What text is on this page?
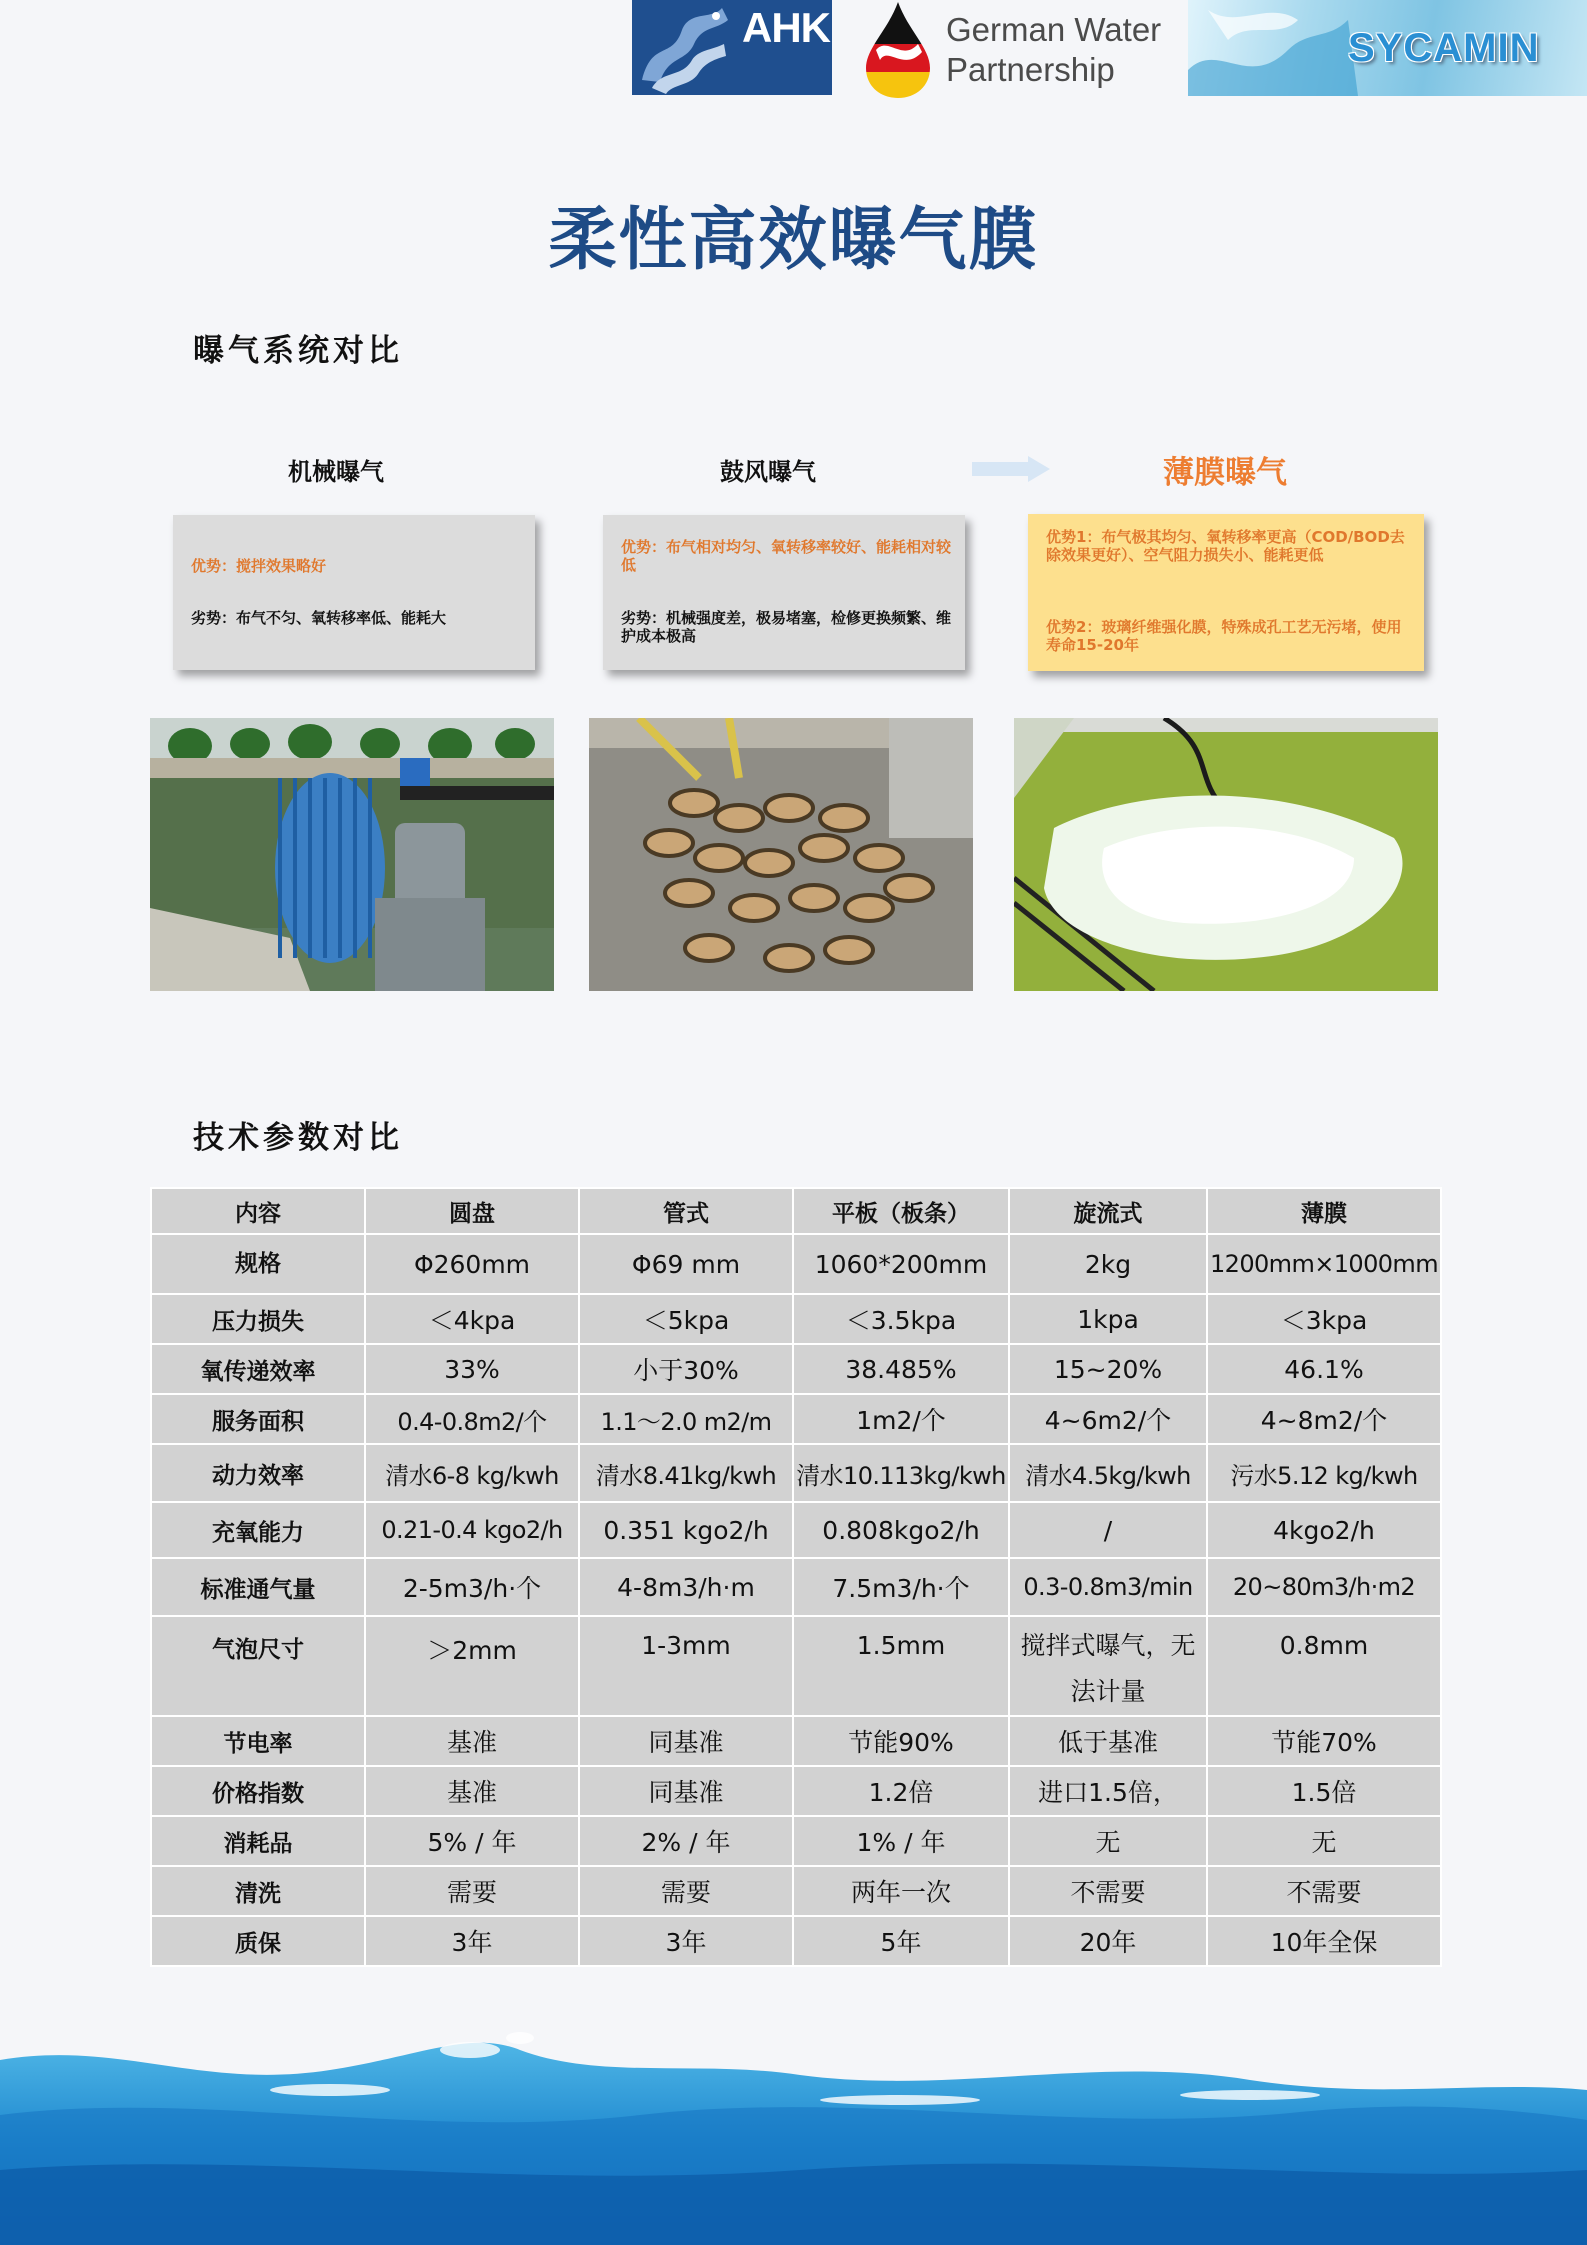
AHK	German Water
Partnership	SYCAMIN
柔性高效曝气膜
曝气系统对比
机械曝气	鼓风曝气	薄膜曝气
优势：搅拌效果略好
劣势：布气不匀、氧转移率低、能耗大
优势：布气相对均匀、氧转移率较好、能耗相对较低
劣势：机械强度差，极易堵塞，检修更换频繁、维护成本极高
优势1：布气极其均匀、氧转移率更高（COD/BOD去除效果更好）、空气阻力损失小、能耗更低
优势2：玻璃纤维强化膜，特殊成孔工艺无污堵，使用寿命15-20年
技术参数对比
内容	圆盘	管式	平板（板条）	旋流式	薄膜
规格	Φ260mm	Φ69 mm	1060*200mm	2kg	1200mm×1000mm
压力损失	＜4kpa	＜5kpa	＜3.5kpa	1kpa	＜3kpa
氧传递效率	33%	小于30%	38.485%	15~20%	46.1%
服务面积	0.4-0.8m2/个	1.1～2.0 m2/m	1m2/个	4~6m2/个	4~8m2/个
动力效率	清水6-8 kg/kwh	清水8.41kg/kwh	清水10.113kg/kwh	清水4.5kg/kwh	污水5.12 kg/kwh
充氧能力	0.21-0.4 kgo2/h	0.351 kgo2/h	0.808kgo2/h	/	4kgo2/h
标准通气量	2-5m3/h·个	4-8m3/h·m	7.5m3/h·个	0.3-0.8m3/min	20~80m3/h·m2
气泡尺寸	＞2mm	1-3mm	1.5mm	搅拌式曝气，无法计量	0.8mm
节电率	基准	同基准	节能90%	低于基准	节能70%
价格指数	基准	同基准	1.2倍	进口1.5倍，	1.5倍
消耗品	5% / 年	2% / 年	1% / 年	无	无
清洗	需要	需要	两年一次	不需要	不需要
质保	3年	3年	5年	20年	10年全保
